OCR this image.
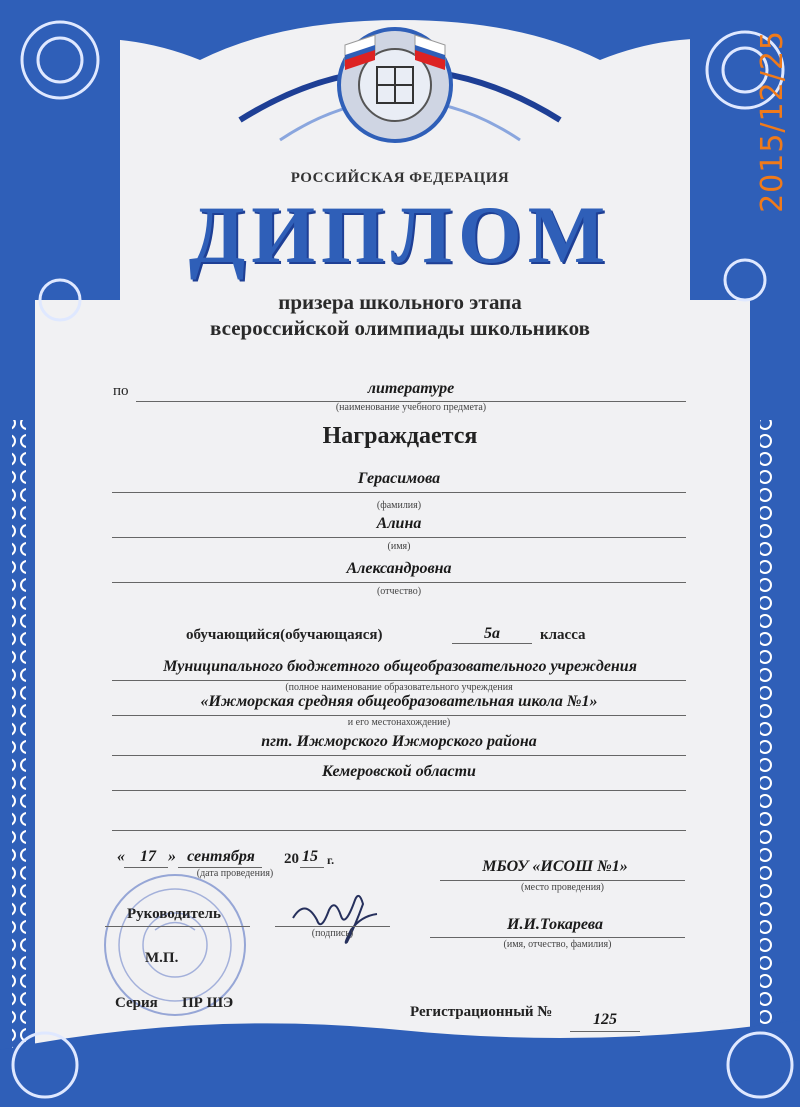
РОССИЙСКАЯ ФЕДЕРАЦИЯ
ДИПЛОМ
призера школьного этапа
всероссийской олимпиады школьников
по	литературе
(наименование учебного предмета)
Награждается
Герасимова
(фамилия)
Алина
(имя)
Александровна
(отчество)
обучающийся(обучающаяся)	5а	класса
Муниципального бюджетного общеобразовательного учреждения
(полное наименование образовательного учреждения
«Ижморская средняя общеобразовательная школа №1»
и его местонахождение)
пгт. Ижморского Ижморского района
Кемеровской области
« 17 » сентября	20 15 г.
(дата проведения)	МБОУ «ИСОШ №1»
(место проведения)
Руководитель
(подпись)
И.И.Токарева
(имя, отчество, фамилия)
М.П.
Серия ПР ШЭ
Регистрационный №	125
2015/12/25
